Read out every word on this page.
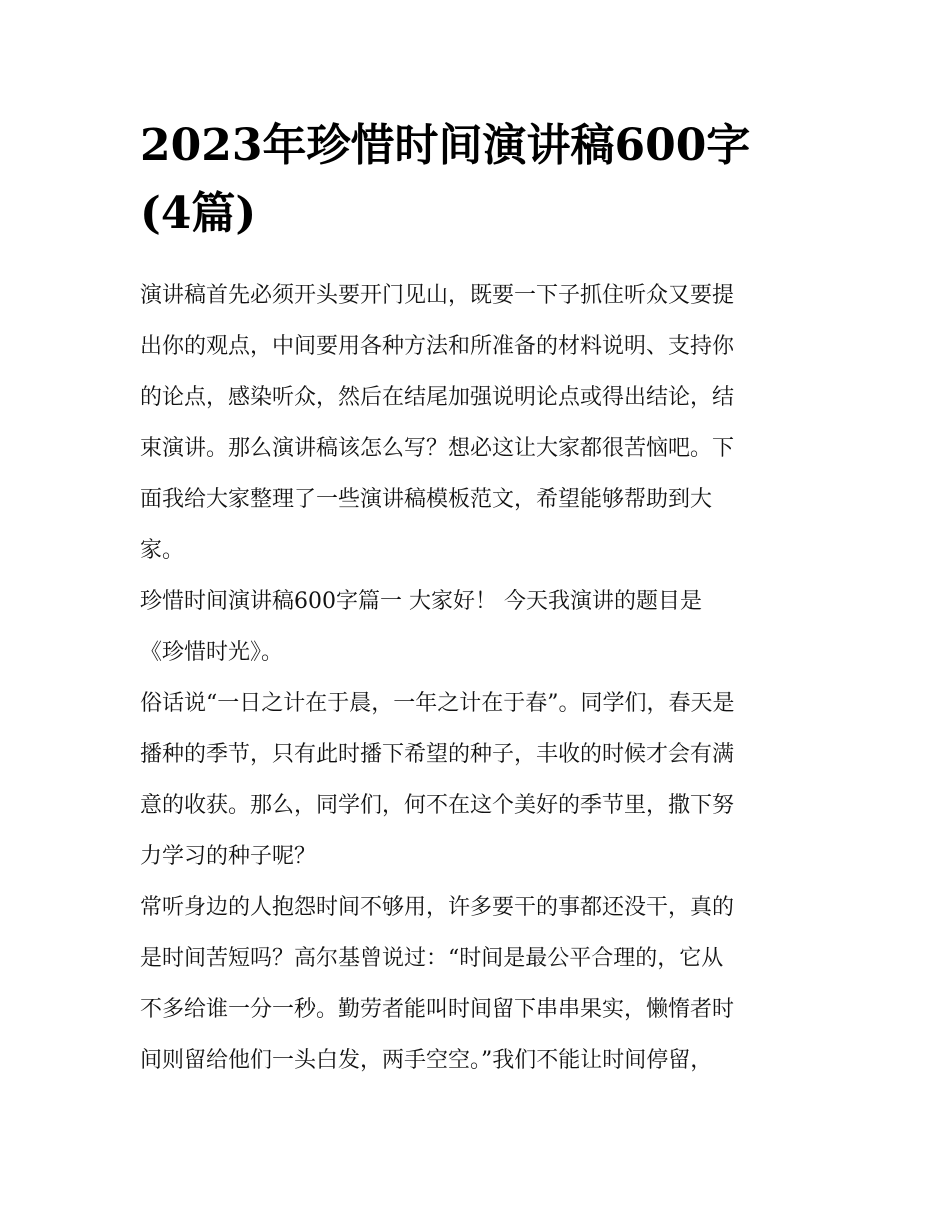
2023年珍惜时间演讲稿600字
(4篇)
演讲稿首先必须开头要开门见山，既要一下子抓住听众又要提
出你的观点，中间要用各种方法和所准备的材料说明、支持你
的论点，感染听众，然后在结尾加强说明论点或得出结论，结
束演讲。那么演讲稿该怎么写？想必这让大家都很苦恼吧。下
面我给大家整理了一些演讲稿模板范文，希望能够帮助到大
家。
珍惜时间演讲稿600字篇一 大家好！ 今天我演讲的题目是
《珍惜时光》。
俗话说“一日之计在于晨，一年之计在于春”。同学们，春天是
播种的季节，只有此时播下希望的种子，丰收的时候才会有满
意的收获。那么，同学们，何不在这个美好的季节里，撒下努
力学习的种子呢？
常听身边的人抱怨时间不够用，许多要干的事都还没干，真的
是时间苦短吗？高尔基曾说过：“时间是最公平合理的，它从
不多给谁一分一秒。勤劳者能叫时间留下串串果实，懒惰者时
间则留给他们一头白发，两手空空。”我们不能让时间停留，
